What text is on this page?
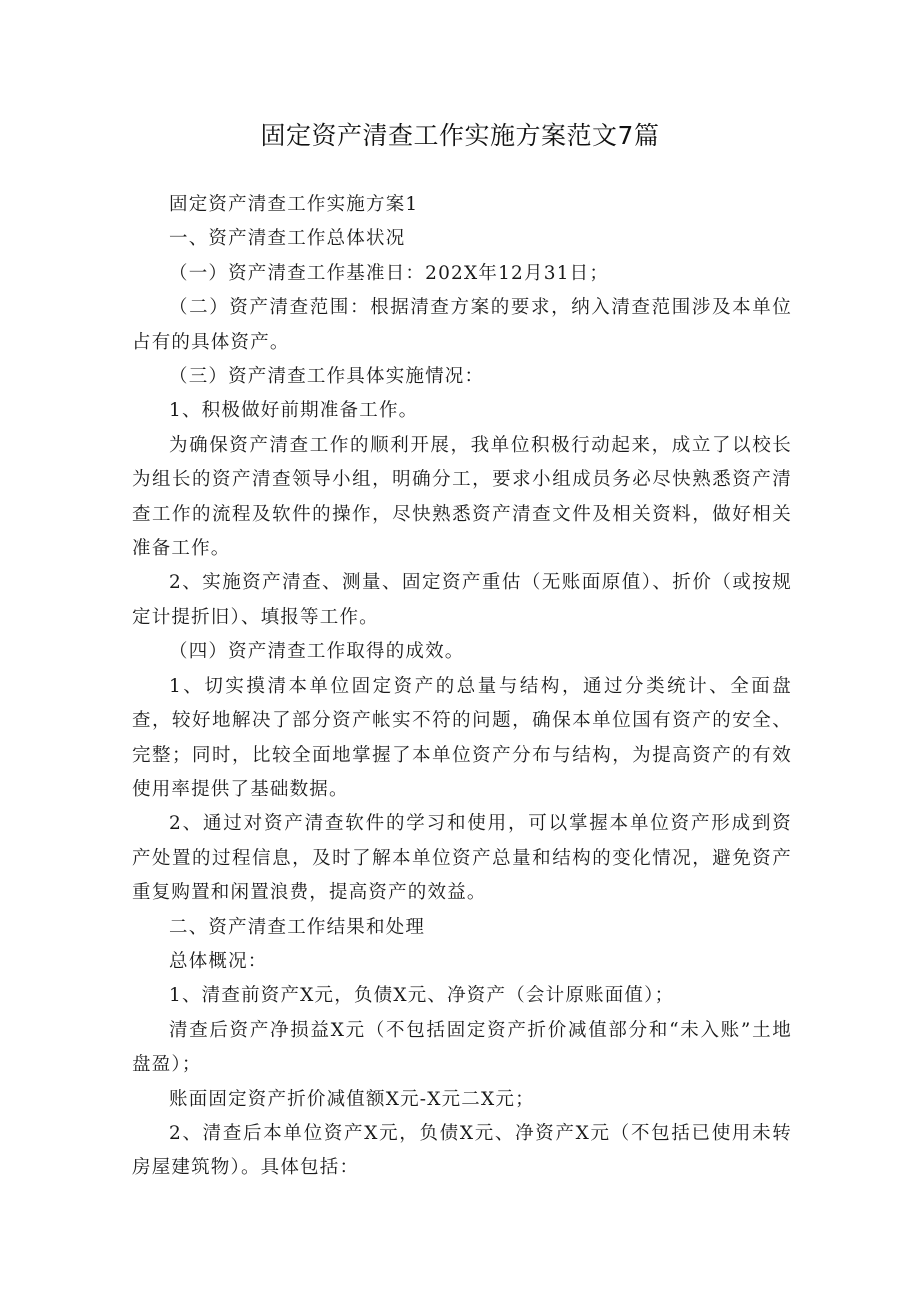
固定资产清查工作实施方案范文7篇

固定资产清查工作实施方案1

一、资产清查工作总体状况

（一）资产清查工作基准日：202X年12月31日；

（二）资产清查范围：根据清查方案的要求，纳入清查范围涉及本单位占有的具体资产。

（三）资产清查工作具体实施情况：

1、积极做好前期准备工作。

为确保资产清查工作的顺利开展，我单位积极行动起来，成立了以校长为组长的资产清查领导小组，明确分工，要求小组成员务必尽快熟悉资产清查工作的流程及软件的操作，尽快熟悉资产清查文件及相关资料，做好相关准备工作。

2、实施资产清查、测量、固定资产重估（无账面原值）、折价（或按规定计提折旧）、填报等工作。

（四）资产清查工作取得的成效。

1、切实摸清本单位固定资产的总量与结构，通过分类统计、全面盘查，较好地解决了部分资产帐实不符的问题，确保本单位国有资产的安全、完整；同时，比较全面地掌握了本单位资产分布与结构，为提高资产的有效使用率提供了基础数据。

2、通过对资产清查软件的学习和使用，可以掌握本单位资产形成到资产处置的过程信息，及时了解本单位资产总量和结构的变化情况，避免资产重复购置和闲置浪费，提高资产的效益。

二、资产清查工作结果和处理

总体概况：

1、清查前资产X元，负债X元、净资产（会计原账面值）；

清查后资产净损益X元（不包括固定资产折价减值部分和“未入账”土地盘盈）；

账面固定资产折价减值额X元-X元二X元；

2、清查后本单位资产X元，负债X元、净资产X元（不包括已使用未转房屋建筑物）。具体包括：
